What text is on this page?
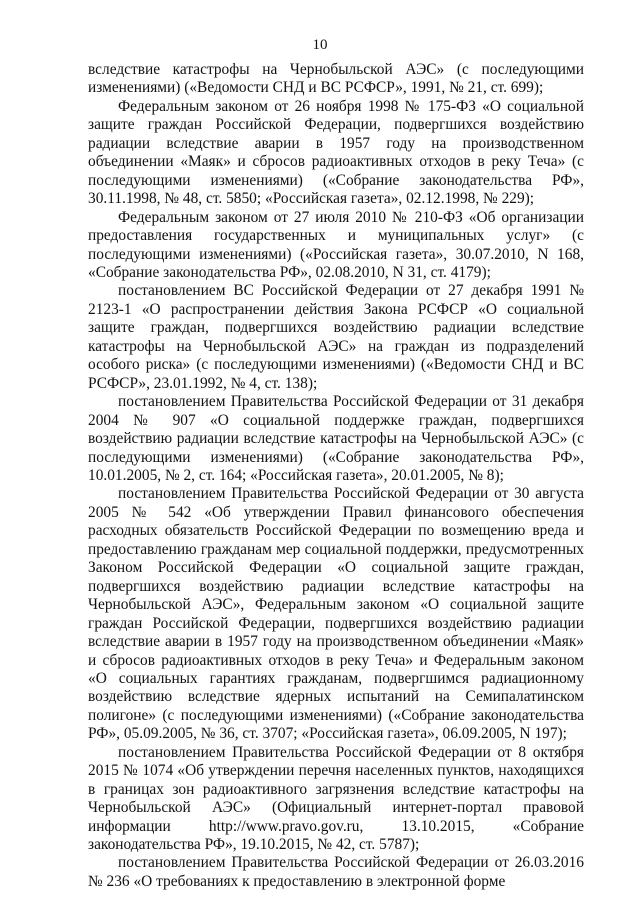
10

вследствие катастрофы на Чернобыльской АЭС» (с последующими изменениями) («Ведомости СНД и ВС РСФСР», 1991, № 21, ст. 699);

Федеральным законом от 26 ноября 1998 № 175-ФЗ «О социальной защите граждан Российской Федерации, подвергшихся воздействию радиации вследствие аварии в 1957 году на производственном объединении «Маяк» и сбросов радиоактивных отходов в реку Теча» (с последующими изменениями) («Собрание законодательства РФ», 30.11.1998, № 48, ст. 5850; «Российская газета», 02.12.1998, № 229);

Федеральным законом от 27 июля 2010 № 210-ФЗ «Об организации предоставления государственных и муниципальных услуг» (с последующими изменениями) («Российская газета», 30.07.2010, N 168, «Собрание законодательства РФ», 02.08.2010, N 31, ст. 4179);

постановлением ВС Российской Федерации от 27 декабря 1991 № 2123-1 «О распространении действия Закона РСФСР «О социальной защите граждан, подвергшихся воздействию радиации вследствие катастрофы на Чернобыльской АЭС» на граждан из подразделений особого риска» (с последующими изменениями) («Ведомости СНД и ВС РСФСР», 23.01.1992, № 4, ст. 138);

постановлением Правительства Российской Федерации от 31 декабря 2004 № 907 «О социальной поддержке граждан, подвергшихся воздействию радиации вследствие катастрофы на Чернобыльской АЭС» (с последующими изменениями) («Собрание законодательства РФ», 10.01.2005, № 2, ст. 164; «Российская газета», 20.01.2005, № 8);

постановлением Правительства Российской Федерации от 30 августа 2005 № 542 «Об утверждении Правил финансового обеспечения расходных обязательств Российской Федерации по возмещению вреда и предоставлению гражданам мер социальной поддержки, предусмотренных Законом Российской Федерации «О социальной защите граждан, подвергшихся воздействию радиации вследствие катастрофы на Чернобыльской АЭС», Федеральным законом «О социальной защите граждан Российской Федерации, подвергшихся воздействию радиации вследствие аварии в 1957 году на производственном объединении «Маяк» и сбросов радиоактивных отходов в реку Теча» и Федеральным законом «О социальных гарантиях гражданам, подвергшимся радиационному воздействию вследствие ядерных испытаний на Семипалатинском полигоне» (с последующими изменениями) («Собрание законодательства РФ», 05.09.2005, № 36, ст. 3707; «Российская газета», 06.09.2005, N 197);

постановлением Правительства Российской Федерации от 8 октября 2015 № 1074 «Об утверждении перечня населенных пунктов, находящихся в границах зон радиоактивного загрязнения вследствие катастрофы на Чернобыльской АЭС» (Официальный интернет-портал правовой информации http://www.pravo.gov.ru, 13.10.2015, «Собрание законодательства РФ», 19.10.2015, № 42, ст. 5787);

постановлением Правительства Российской Федерации от 26.03.2016 № 236 «О требованиях к предоставлению в электронной форме
